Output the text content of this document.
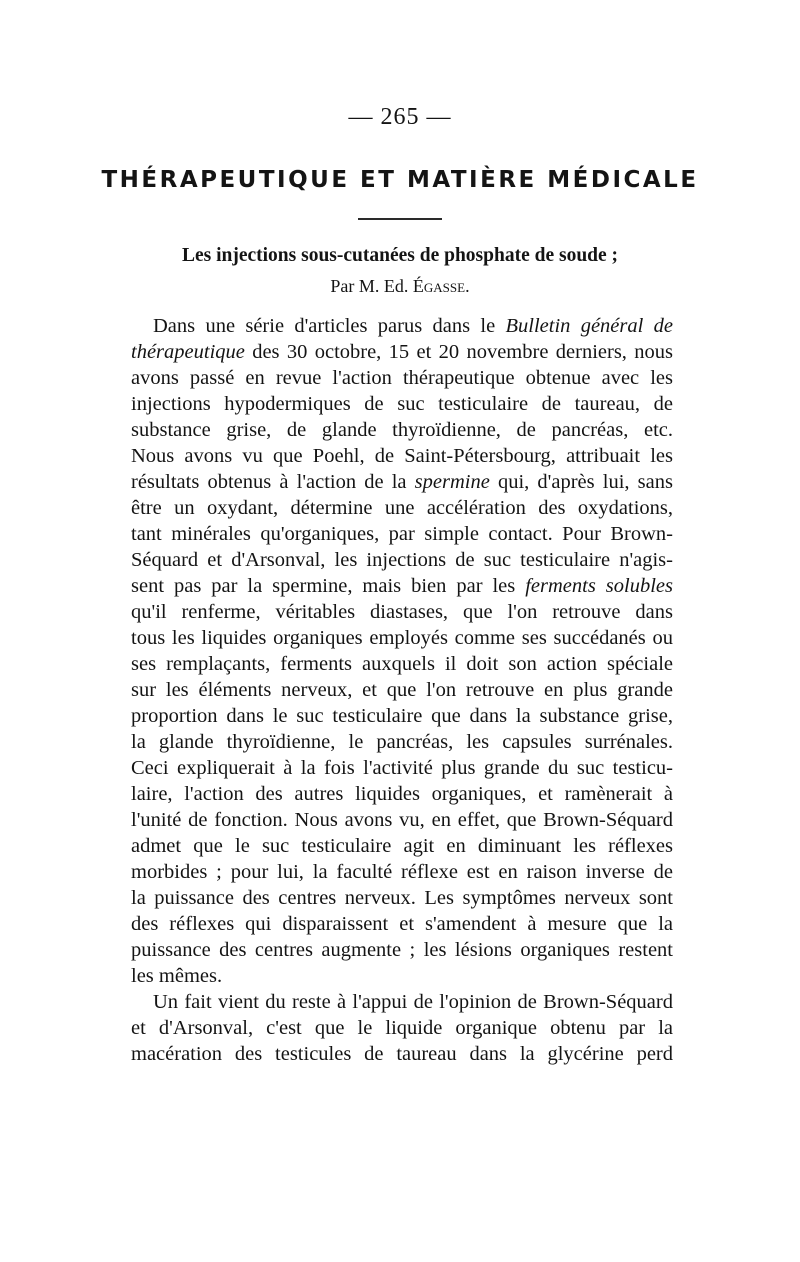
— 265 —
THÉRAPEUTIQUE ET MATIÈRE MÉDICALE
Les injections sous-cutanées de phosphate de soude ;
Par M. Ed. Égasse.
Dans une série d'articles parus dans le Bulletin général de
thérapeutique des 30 octobre, 15 et 20 novembre derniers, nous
avons passé en revue l'action thérapeutique obtenue avec les
injections hypodermiques de suc testiculaire de taureau, de
substance grise, de glande thyroïdienne, de pancréas, etc.
Nous avons vu que Poehl, de Saint-Pétersbourg, attribuait les
résultats obtenus à l'action de la spermine qui, d'après lui, sans
être un oxydant, détermine une accélération des oxydations,
tant minérales qu'organiques, par simple contact. Pour Brown-
Séquard et d'Arsonval, les injections de suc testiculaire n'agis-
sent pas par la spermine, mais bien par les ferments solubles
qu'il renferme, véritables diastases, que l'on retrouve dans
tous les liquides organiques employés comme ses succédanés ou
ses remplaçants, ferments auxquels il doit son action spéciale
sur les éléments nerveux, et que l'on retrouve en plus grande
proportion dans le suc testiculaire que dans la substance grise,
la glande thyroïdienne, le pancréas, les capsules surrénales.
Ceci expliquerait à la fois l'activité plus grande du suc testicu-
laire, l'action des autres liquides organiques, et ramènerait à
l'unité de fonction. Nous avons vu, en effet, que Brown-Séquard
admet que le suc testiculaire agit en diminuant les réflexes
morbides ; pour lui, la faculté réflexe est en raison inverse de
la puissance des centres nerveux. Les symptômes nerveux sont
des réflexes qui disparaissent et s'amendent à mesure que la
puissance des centres augmente ; les lésions organiques restent
les mêmes.
Un fait vient du reste à l'appui de l'opinion de Brown-Séquard
et d'Arsonval, c'est que le liquide organique obtenu par la
macération des testicules de taureau dans la glycérine perd
